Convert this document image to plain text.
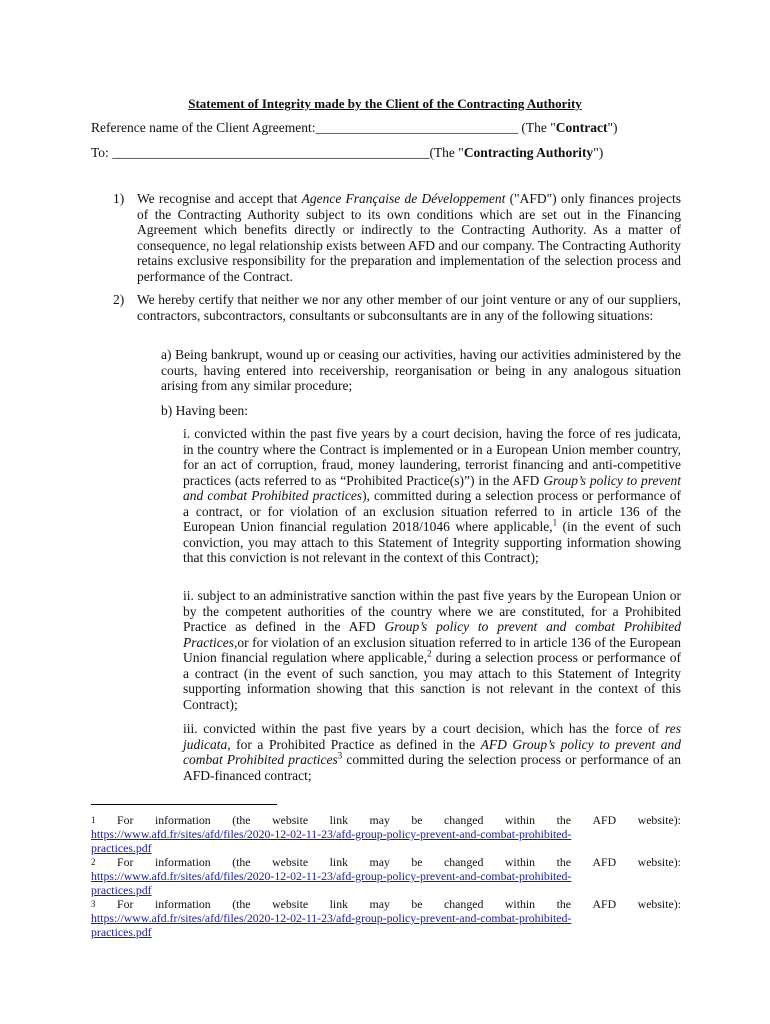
Statement of Integrity made by the Client of the Contracting Authority
Reference name of the Client Agreement:______________________________ (The "Contract")
To: _______________________________________________(The "Contracting Authority")
1) We recognise and accept that Agence Française de Développement ("AFD") only finances projects of the Contracting Authority subject to its own conditions which are set out in the Financing Agreement which benefits directly or indirectly to the Contracting Authority. As a matter of consequence, no legal relationship exists between AFD and our company. The Contracting Authority retains exclusive responsibility for the preparation and implementation of the selection process and performance of the Contract.
2) We hereby certify that neither we nor any other member of our joint venture or any of our suppliers, contractors, subcontractors, consultants or subconsultants are in any of the following situations:
a) Being bankrupt, wound up or ceasing our activities, having our activities administered by the courts, having entered into receivership, reorganisation or being in any analogous situation arising from any similar procedure;
b) Having been:
i. convicted within the past five years by a court decision, having the force of res judicata, in the country where the Contract is implemented or in a European Union member country, for an act of corruption, fraud, money laundering, terrorist financing and anti-competitive practices (acts referred to as “Prohibited Practice(s)”) in the AFD Group’s policy to prevent and combat Prohibited practices), committed during a selection process or performance of a contract, or for violation of an exclusion situation referred to in article 136 of the European Union financial regulation 2018/1046 where applicable,$^1$ (in the event of such conviction, you may attach to this Statement of Integrity supporting information showing that this conviction is not relevant in the context of this Contract);
ii. subject to an administrative sanction within the past five years by the European Union or by the competent authorities of the country where we are constituted, for a Prohibited Practice as defined in the AFD Group’s policy to prevent and combat Prohibited Practices,or for violation of an exclusion situation referred to in article 136 of the European Union financial regulation where applicable,$^2$ during a selection process or performance of a contract (in the event of such sanction, you may attach to this Statement of Integrity supporting information showing that this sanction is not relevant in the context of this Contract);
iii. convicted within the past five years by a court decision, which has the force of res judicata, for a Prohibited Practice as defined in the AFD Group’s policy to prevent and combat Prohibited practices$^3$ committed during the selection process or performance of an AFD-financed contract;
1 For information (the website link may be changed within the AFD website):
https://www.afd.fr/sites/afd/files/2020-12-02-11-23/afd-group-policy-prevent-and-combat-prohibited-
practices.pdf
2 For information (the website link may be changed within the AFD website):
https://www.afd.fr/sites/afd/files/2020-12-02-11-23/afd-group-policy-prevent-and-combat-prohibited-
practices.pdf
3 For information (the website link may be changed within the AFD website):
https://www.afd.fr/sites/afd/files/2020-12-02-11-23/afd-group-policy-prevent-and-combat-prohibited-
practices.pdf
